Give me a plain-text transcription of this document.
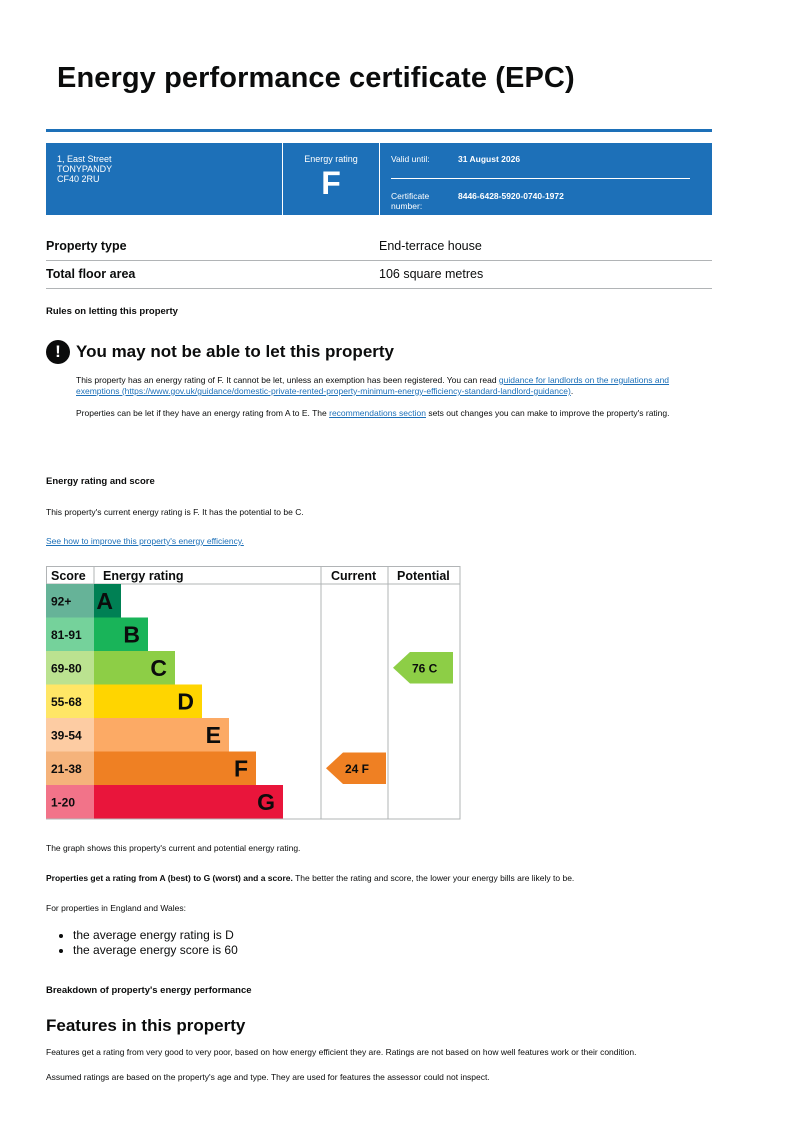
Energy performance certificate (EPC)
1, East Street
TONYPANDY
CF40 2RU
Energy rating
F
Valid until:	31 August 2026
Certificate number:
8446-6428-5920-0740-1972
Property type	End-terrace house
Total floor area	106 square metres
Rules on letting this property
! You may not be able to let this property
This property has an energy rating of F. It cannot be let, unless an exemption has been registered. You can read guidance for landlords on the regulations and exemptions (https://www.gov.uk/guidance/domestic-private-rented-property-minimum-energy-efficiency-standard-landlord-guidance).
Properties can be let if they have an energy rating from A to E. The recommendations section sets out changes you can make to improve the property's rating.
Energy rating and score
This property's current energy rating is F. It has the potential to be C.
See how to improve this property's energy efficiency.
Score Energy rating	Current Potential
92+ A
81-91 B
69-80	C
55-68	D
39-54	E
21-38	F
1-20	G
24 F
76 C
The graph shows this property's current and potential energy rating.
Properties get a rating from A (best) to G (worst) and a score. The better the rating and score, the lower your energy bills are likely to be.
For properties in England and Wales:
• the average energy rating is D
• the average energy score is 60
Breakdown of property's energy performance
Features in this property
Features get a rating from very good to very poor, based on how energy efficient they are. Ratings are not based on how well features work or their condition.
Assumed ratings are based on the property's age and type. They are used for features the assessor could not inspect.
